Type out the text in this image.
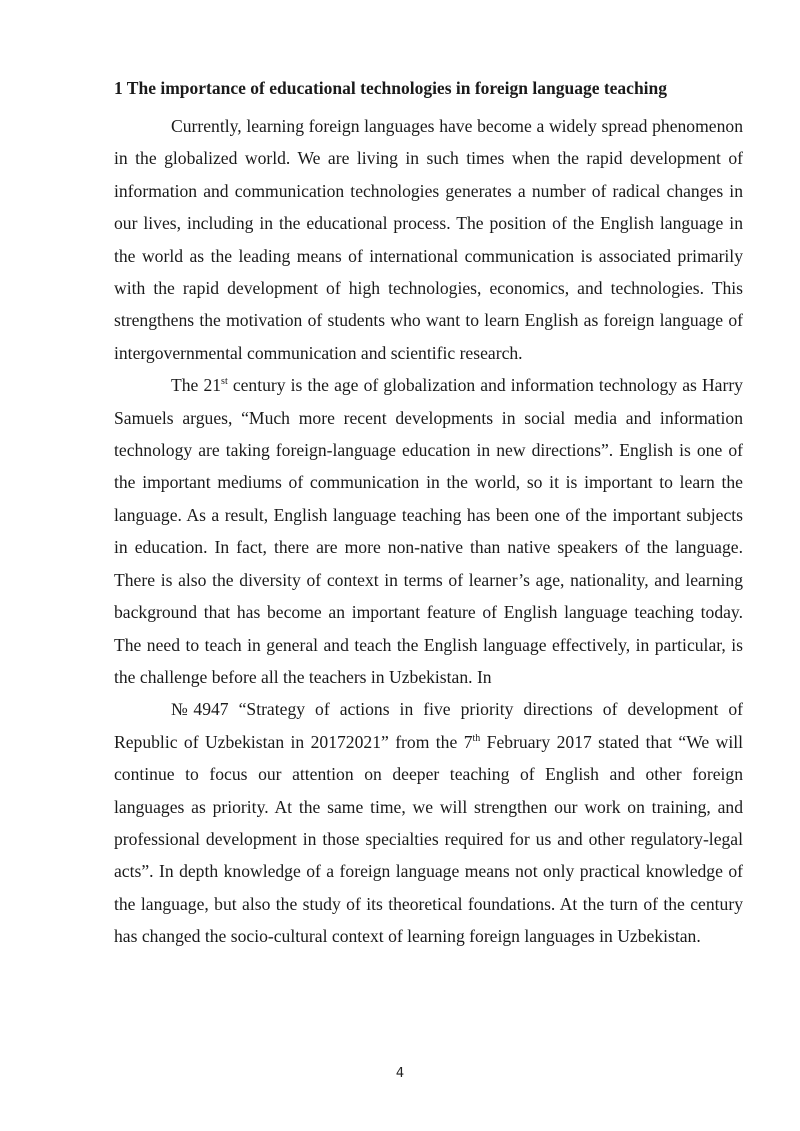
1 The importance of educational technologies in foreign language teaching

Currently, learning foreign languages have become a widely spread phenomenon in the globalized world. We are living in such times when the rapid development of information and communication technologies generates a number of radical changes in our lives, including in the educational process. The position of the English language in the world as the leading means of international communication is associated primarily with the rapid development of high technologies, economics, and technologies. This strengthens the motivation of students who want to learn English as foreign language of intergovernmental communication and scientific research.

The 21st century is the age of globalization and information technology as Harry Samuels argues, “Much more recent developments in social media and information technology are taking foreign-language education in new directions”. English is one of the important mediums of communication in the world, so it is important to learn the language. As a result, English language teaching has been one of the important subjects in education. In fact, there are more non-native than native speakers of the language. There is also the diversity of context in terms of learner’s age, nationality, and learning background that has become an important feature of English language teaching today. The need to teach in general and teach the English language effectively, in particular, is the challenge before all the teachers in Uzbekistan. In

№4947 “Strategy of actions in five priority directions of development of Republic of Uzbekistan in 20172021” from the 7th February 2017 stated that “We will continue to focus our attention on deeper teaching of English and other foreign languages as priority. At the same time, we will strengthen our work on training, and professional development in those specialties required for us and other regulatory-legal acts”. In depth knowledge of a foreign language means not only practical knowledge of the language, but also the study of its theoretical foundations. At the turn of the century has changed the socio-cultural context of learning foreign languages in Uzbekistan.

4
